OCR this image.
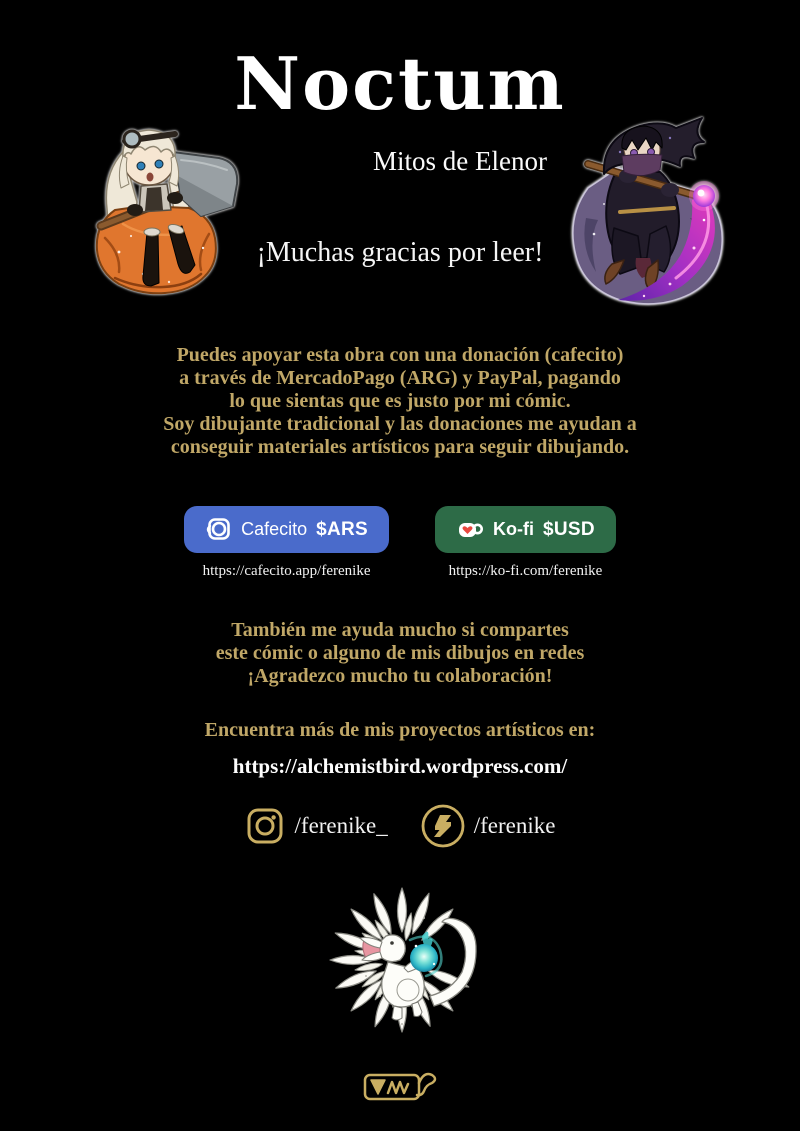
Noctum
Mitos de Elenor
¡Muchas gracias por leer!
Puedes apoyar esta obra con una donación (cafecito)
a través de MercadoPago (ARG) y PayPal, pagando
lo que sientas que es justo por mi cómic.
Soy dibujante tradicional y las donaciones me ayudan a
conseguir materiales artísticos para seguir dibujando.
Cafecito $ARS
https://cafecito.app/ferenike
Ko-fi $USD
https://ko-fi.com/ferenike
También me ayuda mucho si compartes
este cómic o alguno de mis dibujos en redes
¡Agradezco mucho tu colaboración!
Encuentra más de mis proyectos artísticos en:
https://alchemistbird.wordpress.com/
/ferenike_	/ferenike
